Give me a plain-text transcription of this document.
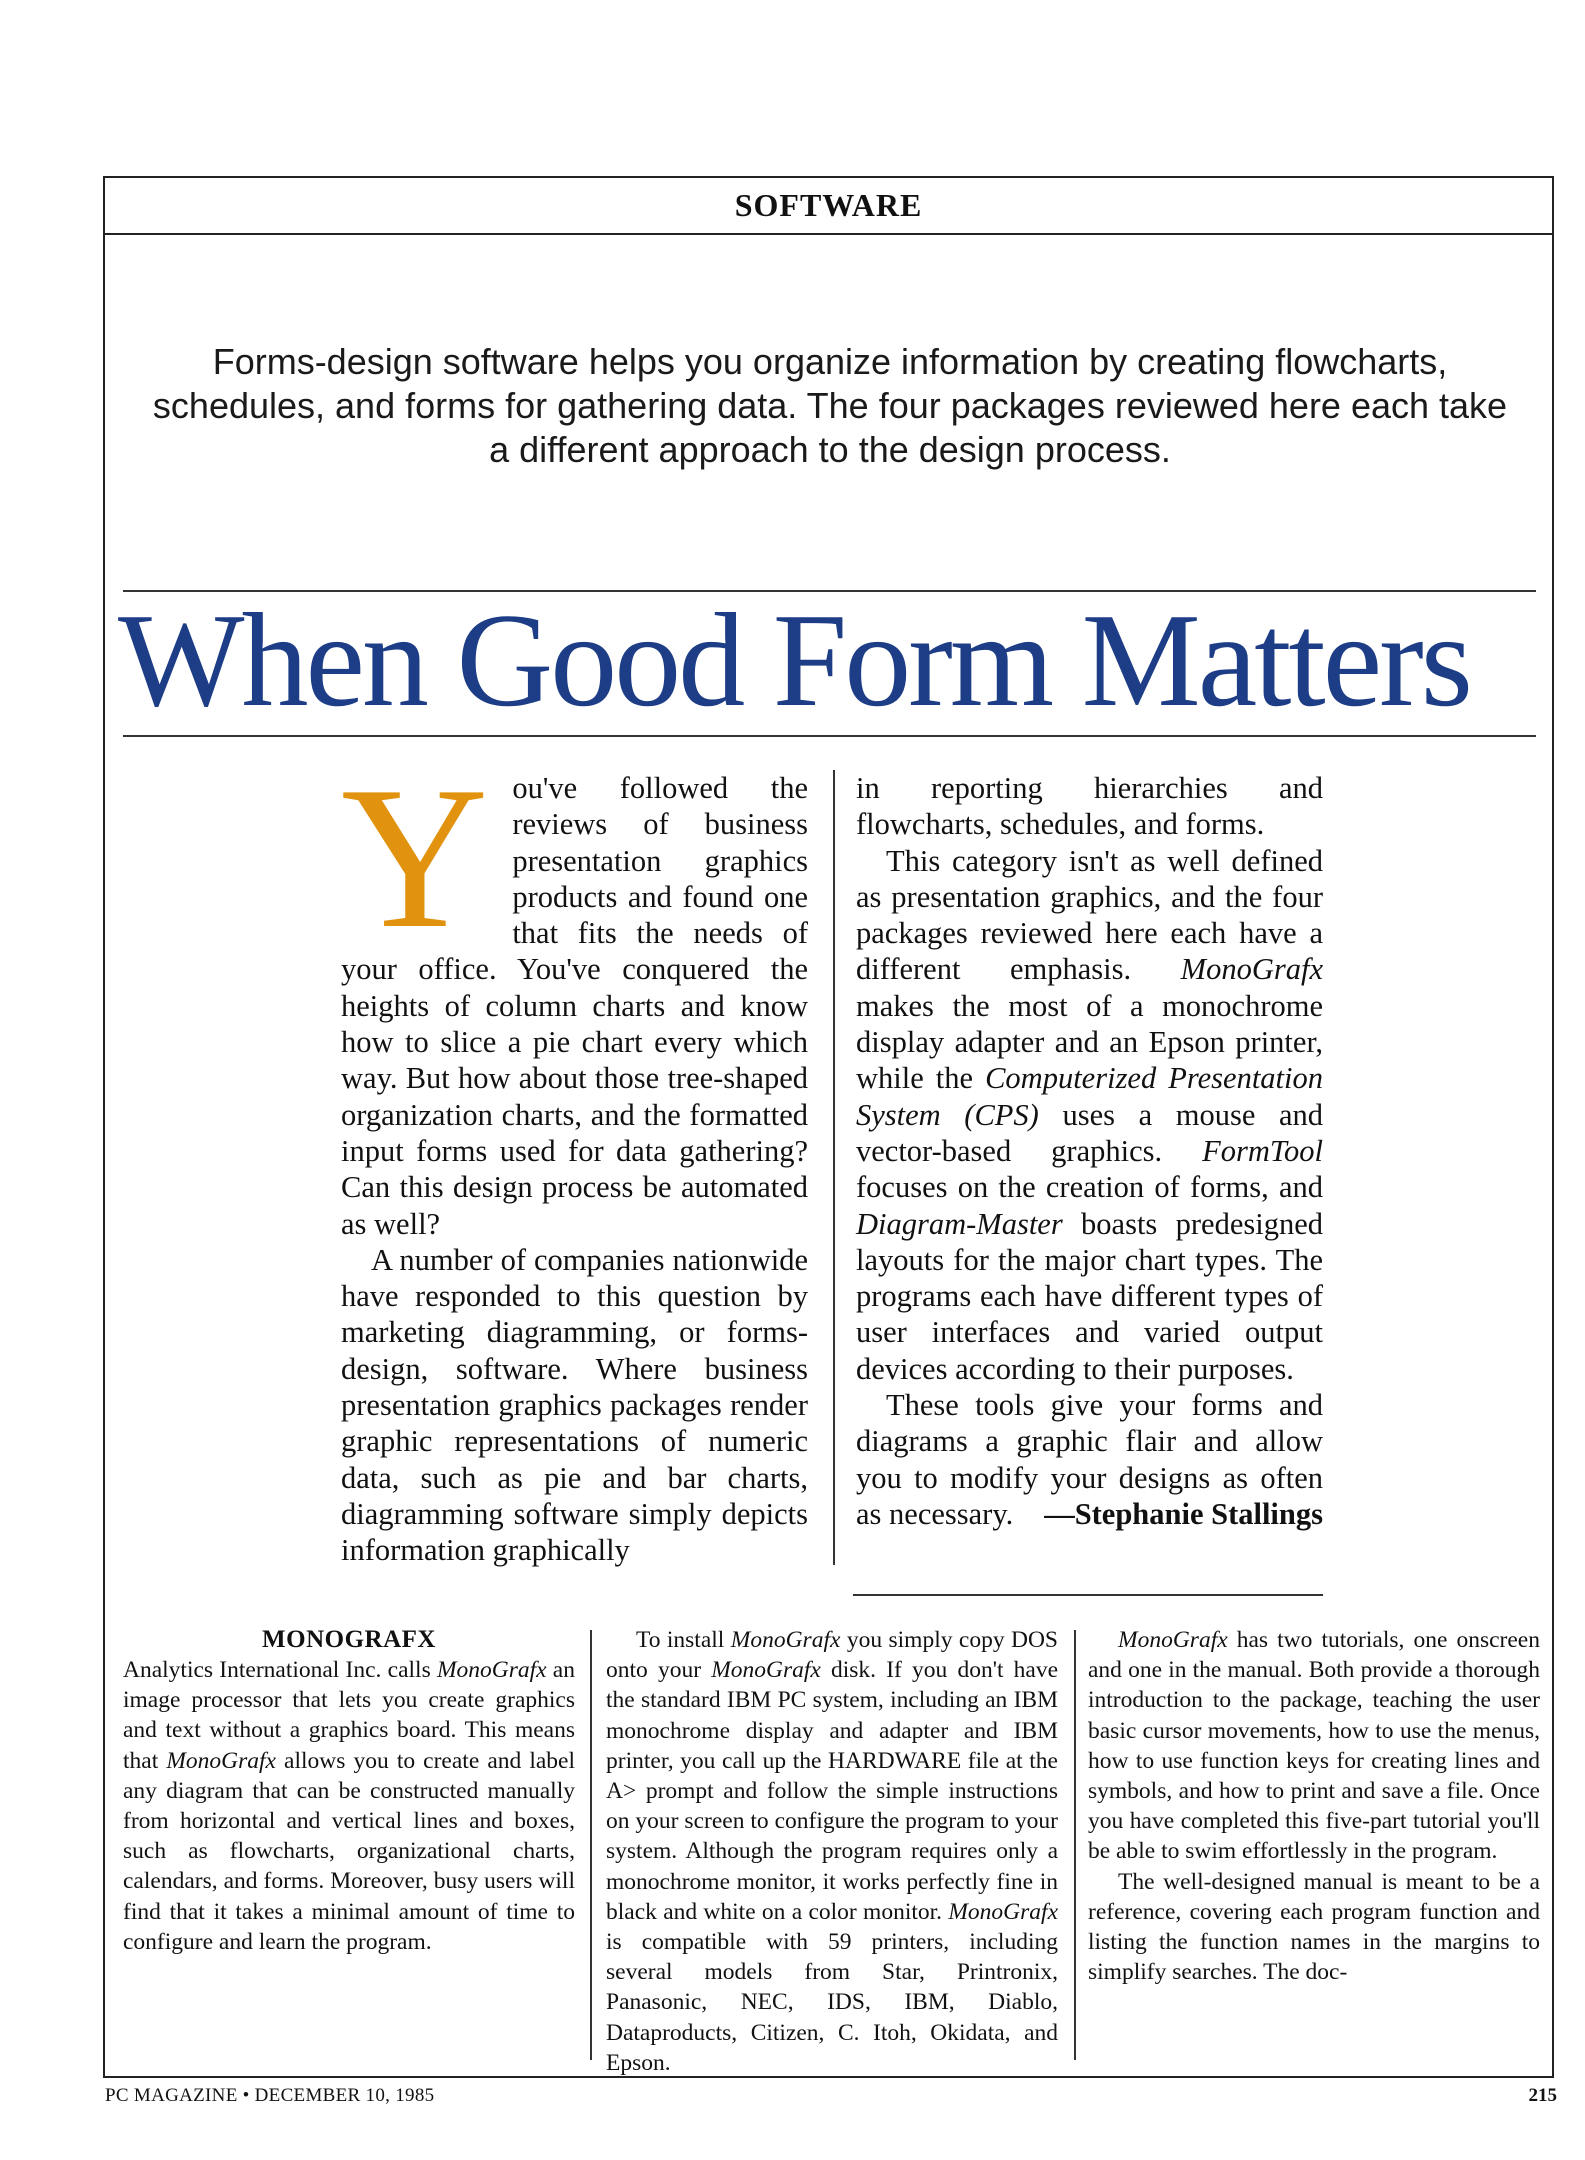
SOFTWARE
Forms-design software helps you organize information by creating flowcharts, schedules, and forms for gathering data. The four packages reviewed here each take a different approach to the design process.
When Good Form Matters

You've followed the reviews of business presentation graphics products and found one that fits the needs of your office. You've conquered the heights of column charts and know how to slice a pie chart every which way. But how about those tree-shaped organization charts, and the formatted input forms used for data gathering? Can this design process be automated as well?

A number of companies nationwide have responded to this question by marketing diagramming, or forms-design, software. Where business presentation graphics packages render graphic representations of numeric data, such as pie and bar charts, diagramming software simply depicts information graphically

in reporting hierarchies and flowcharts, schedules, and forms.

This category isn't as well defined as presentation graphics, and the four packages reviewed here each have a different emphasis. MonoGrafx makes the most of a monochrome display adapter and an Epson printer, while the Computerized Presentation System (CPS) uses a mouse and vector-based graphics. FormTool focuses on the creation of forms, and Diagram-Master boasts predesigned layouts for the major chart types. The programs each have different types of user interfaces and varied output devices according to their purposes.

These tools give your forms and diagrams a graphic flair and allow you to modify your designs as often as necessary.	—Stephanie Stallings

MONOGRAFX

Analytics International Inc. calls MonoGrafx an image processor that lets you create graphics and text without a graphics board. This means that MonoGrafx allows you to create and label any diagram that can be constructed manually from horizontal and vertical lines and boxes, such as flowcharts, organizational charts, calendars, and forms. Moreover, busy users will find that it takes a minimal amount of time to configure and learn the program.

To install MonoGrafx you simply copy DOS onto your MonoGrafx disk. If you don't have the standard IBM PC system, including an IBM monochrome display and adapter and IBM printer, you call up the HARDWARE file at the A> prompt and follow the simple instructions on your screen to configure the program to your system. Although the program requires only a monochrome monitor, it works perfectly fine in black and white on a color monitor. MonoGrafx is compatible with 59 printers, including several models from Star, Printronix, Panasonic, NEC, IDS, IBM, Diablo, Dataproducts, Citizen, C. Itoh, Okidata, and Epson.

MonoGrafx has two tutorials, one onscreen and one in the manual. Both provide a thorough introduction to the package, teaching the user basic cursor movements, how to use the menus, how to use function keys for creating lines and symbols, and how to print and save a file. Once you have completed this five-part tutorial you'll be able to swim effortlessly in the program.

The well-designed manual is meant to be a reference, covering each program function and listing the function names in the margins to simplify searches. The doc-

PC MAGAZINE • DECEMBER 10, 1985	215
